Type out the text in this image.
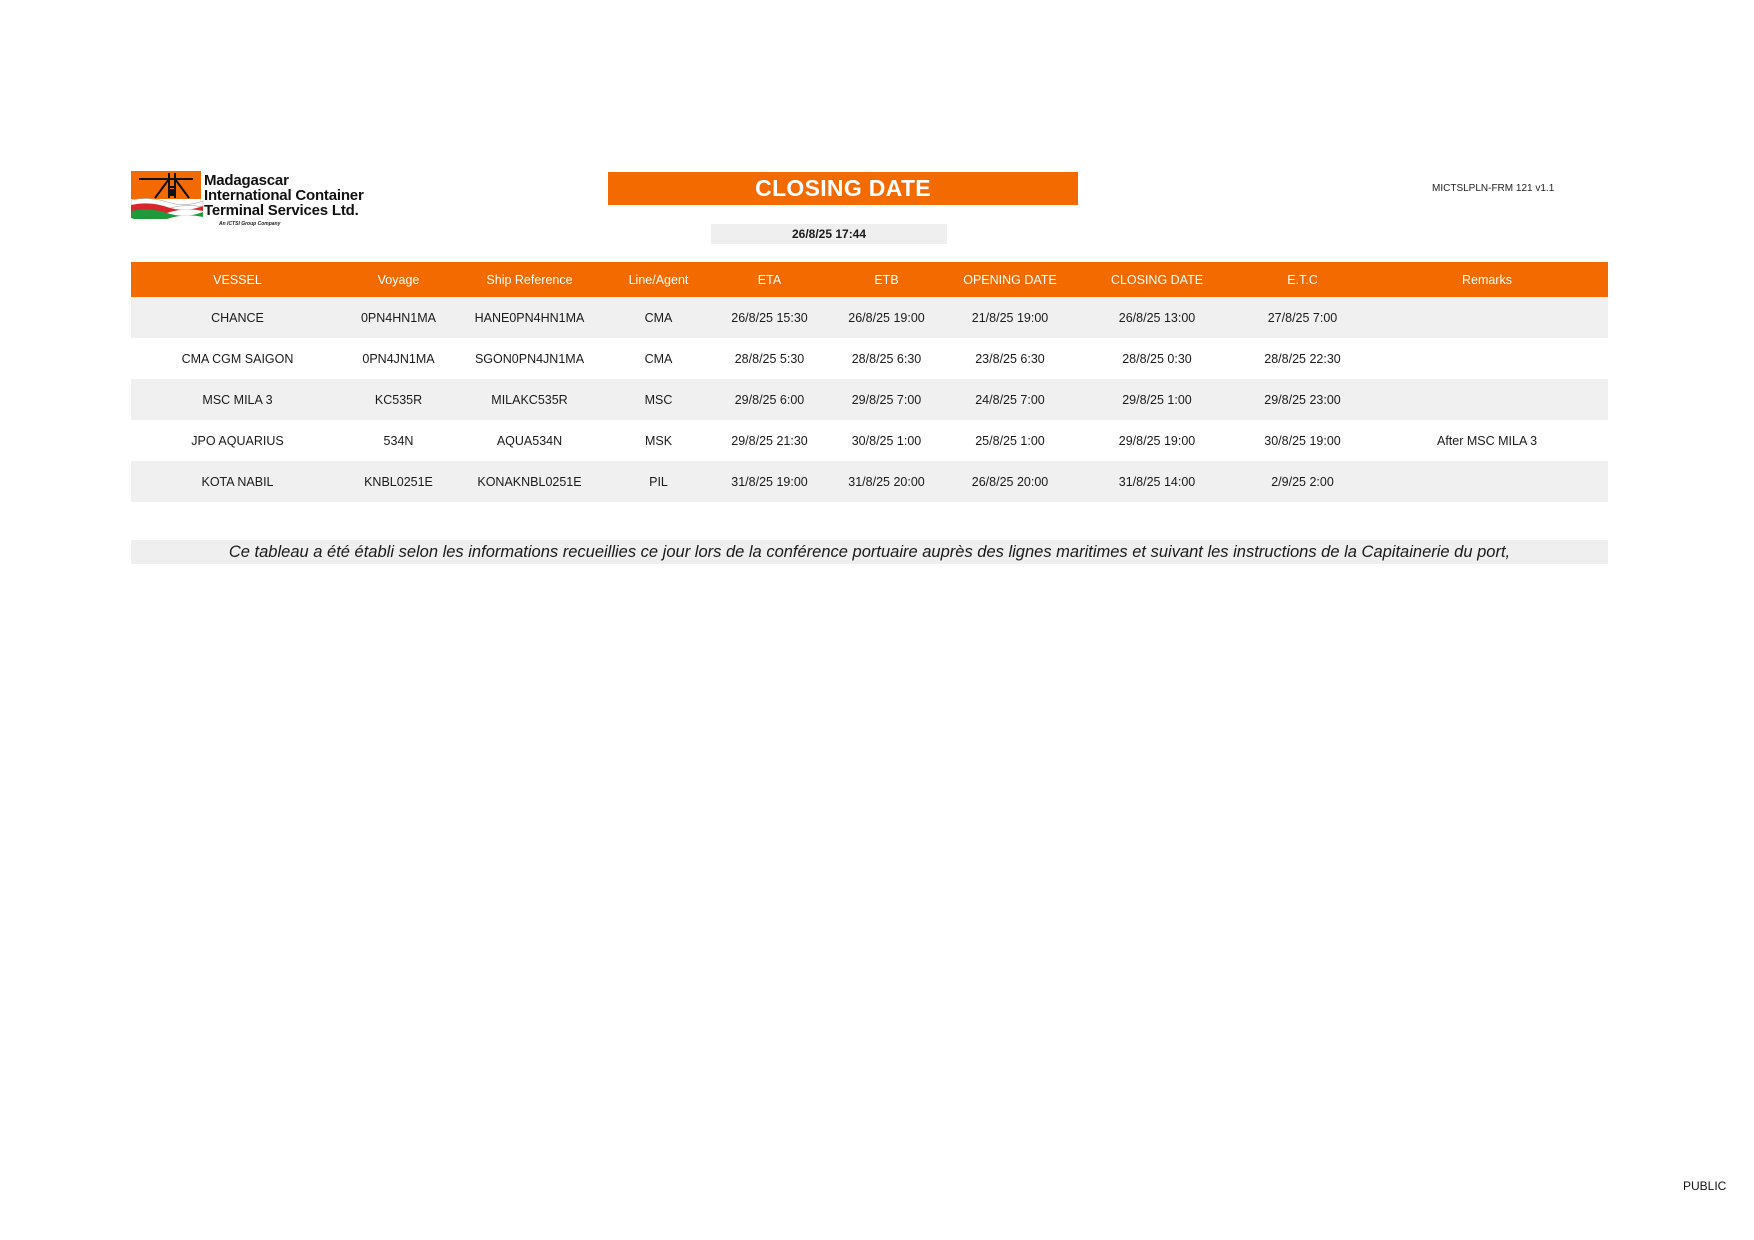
Madagascar
International Container
Terminal Services Ltd.
An ICTSI Group Company
CLOSING DATE	MICTSLPLN-FRM 121 v1.1
26/8/25 17:44
VESSEL	Voyage	Ship Reference	Line/Agent	ETA	ETB	OPENING DATE	CLOSING DATE	E.T.C	Remarks
CHANCE	0PN4HN1MA	HANE0PN4HN1MA	CMA	26/8/25 15:30	26/8/25 19:00	21/8/25 19:00	26/8/25 13:00	27/8/25 7:00	
CMA CGM SAIGON	0PN4JN1MA	SGON0PN4JN1MA	CMA	28/8/25 5:30	28/8/25 6:30	23/8/25 6:30	28/8/25 0:30	28/8/25 22:30	
MSC MILA 3	KC535R	MILAKC535R	MSC	29/8/25 6:00	29/8/25 7:00	24/8/25 7:00	29/8/25 1:00	29/8/25 23:00	
JPO AQUARIUS	534N	AQUA534N	MSK	29/8/25 21:30	30/8/25 1:00	25/8/25 1:00	29/8/25 19:00	30/8/25 19:00	After MSC MILA 3
KOTA NABIL	KNBL0251E	KONAKNBL0251E	PIL	31/8/25 19:00	31/8/25 20:00	26/8/25 20:00	31/8/25 14:00	2/9/25 2:00	
Ce tableau a été établi selon les informations recueillies ce jour lors de la conférence portuaire auprès des lignes maritimes et suivant les instructions de la Capitainerie du port,
PUBLIC
